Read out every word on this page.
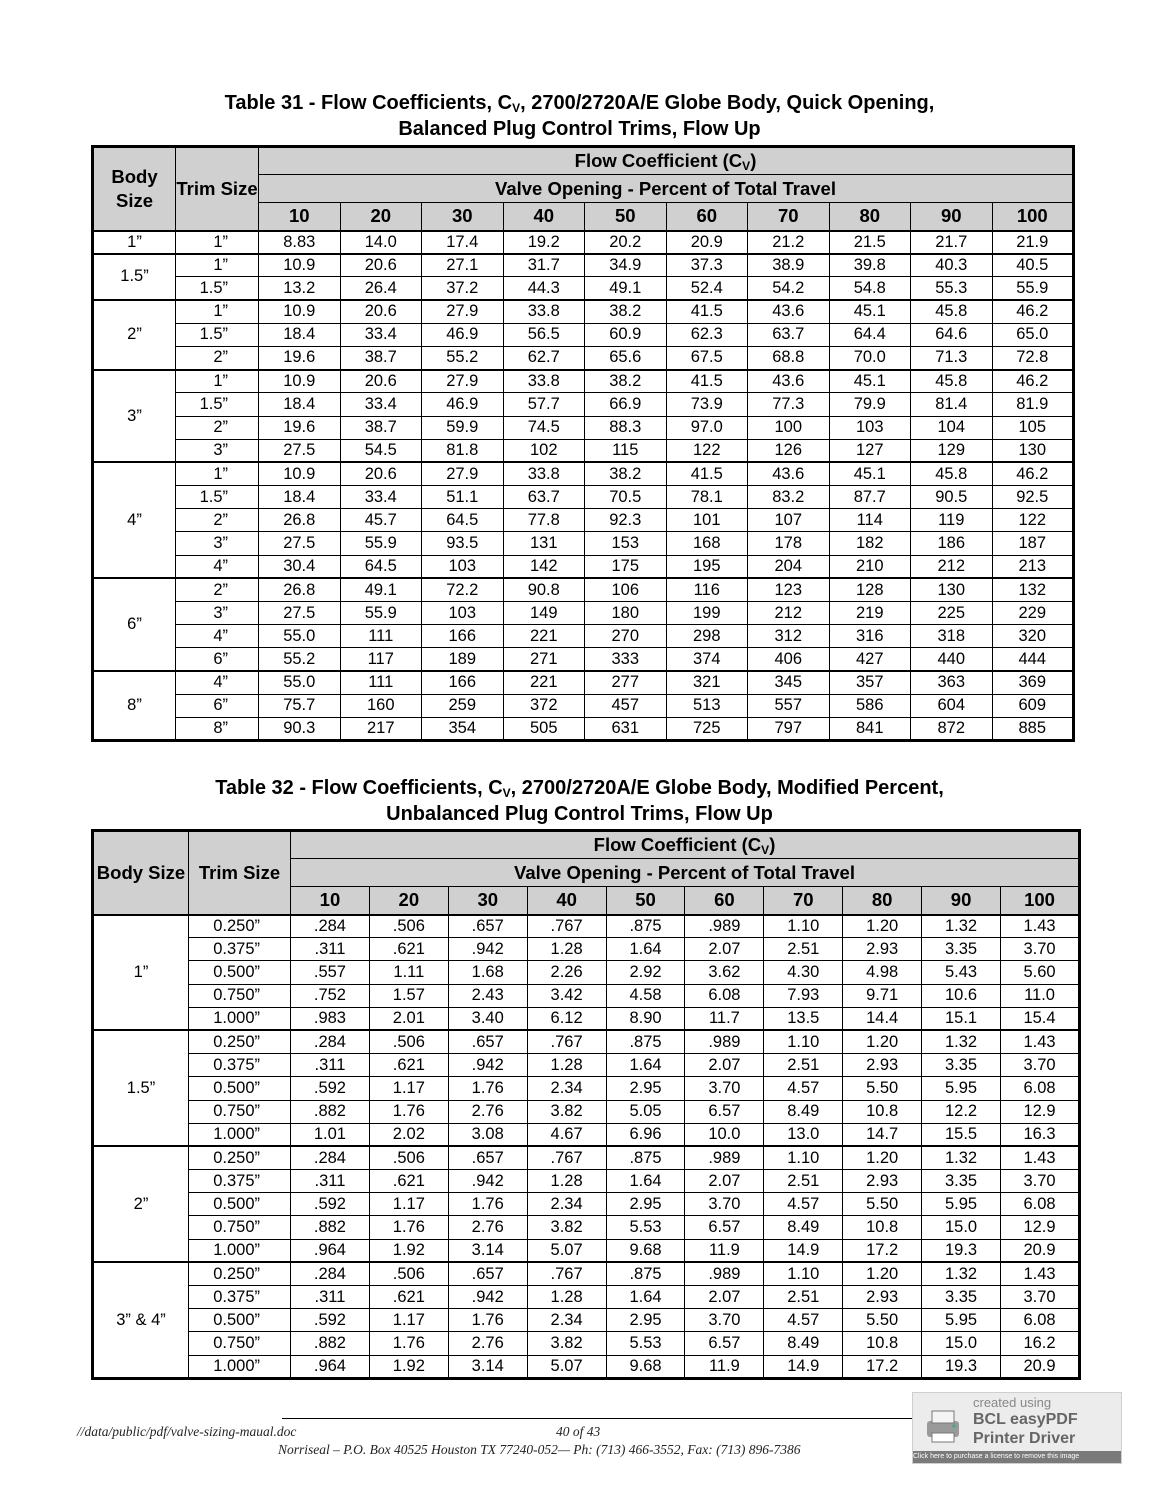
Table 31 - Flow Coefficients, $C_V$, 2700/2720A/E Globe Body, Quick Opening,
Balanced Plug Control Trims, Flow Up
Body Size	Trim Size	Flow Coefficient $(C_V)$									
		Valve Opening - Percent of Total Travel									
		10	20	30	40	50	60	70	80	90	100
1”	1”	8.83	14.0	17.4	19.2	20.2	20.9	21.2	21.5	21.7	21.9
1.5”	1”	10.9	20.6	27.1	31.7	34.9	37.3	38.9	39.8	40.3	40.5
	1.5”	13.2	26.4	37.2	44.3	49.1	52.4	54.2	54.8	55.3	55.9
2”	1”	10.9	20.6	27.9	33.8	38.2	41.5	43.6	45.1	45.8	46.2
	1.5”	18.4	33.4	46.9	56.5	60.9	62.3	63.7	64.4	64.6	65.0
	2”	19.6	38.7	55.2	62.7	65.6	67.5	68.8	70.0	71.3	72.8
3”	1”	10.9	20.6	27.9	33.8	38.2	41.5	43.6	45.1	45.8	46.2
	1.5”	18.4	33.4	46.9	57.7	66.9	73.9	77.3	79.9	81.4	81.9
	2”	19.6	38.7	59.9	74.5	88.3	97.0	100	103	104	105
	3”	27.5	54.5	81.8	102	115	122	126	127	129	130
4”	1”	10.9	20.6	27.9	33.8	38.2	41.5	43.6	45.1	45.8	46.2
	1.5”	18.4	33.4	51.1	63.7	70.5	78.1	83.2	87.7	90.5	92.5
	2”	26.8	45.7	64.5	77.8	92.3	101	107	114	119	122
	3”	27.5	55.9	93.5	131	153	168	178	182	186	187
	4”	30.4	64.5	103	142	175	195	204	210	212	213
6”	2”	26.8	49.1	72.2	90.8	106	116	123	128	130	132
	3”	27.5	55.9	103	149	180	199	212	219	225	229
	4”	55.0	111	166	221	270	298	312	316	318	320
	6”	55.2	117	189	271	333	374	406	427	440	444
8”	4”	55.0	111	166	221	277	321	345	357	363	369
	6”	75.7	160	259	372	457	513	557	586	604	609
	8”	90.3	217	354	505	631	725	797	841	872	885
Table 32 - Flow Coefficients, $C_V$, 2700/2720A/E Globe Body, Modified Percent,
Unbalanced Plug Control Trims, Flow Up
Body Size	Trim Size	Flow Coefficient $(C_V)$									
		Valve Opening - Percent of Total Travel									
		10	20	30	40	50	60	70	80	90	100
1”	0.250”	.284	.506	.657	.767	.875	.989	1.10	1.20	1.32	1.43
	0.375”	.311	.621	.942	1.28	1.64	2.07	2.51	2.93	3.35	3.70
	0.500”	.557	1.11	1.68	2.26	2.92	3.62	4.30	4.98	5.43	5.60
	0.750”	.752	1.57	2.43	3.42	4.58	6.08	7.93	9.71	10.6	11.0
	1.000”	.983	2.01	3.40	6.12	8.90	11.7	13.5	14.4	15.1	15.4
1.5”	0.250”	.284	.506	.657	.767	.875	.989	1.10	1.20	1.32	1.43
	0.375”	.311	.621	.942	1.28	1.64	2.07	2.51	2.93	3.35	3.70
	0.500”	.592	1.17	1.76	2.34	2.95	3.70	4.57	5.50	5.95	6.08
	0.750”	.882	1.76	2.76	3.82	5.05	6.57	8.49	10.8	12.2	12.9
	1.000”	1.01	2.02	3.08	4.67	6.96	10.0	13.0	14.7	15.5	16.3
2”	0.250”	.284	.506	.657	.767	.875	.989	1.10	1.20	1.32	1.43
	0.375”	.311	.621	.942	1.28	1.64	2.07	2.51	2.93	3.35	3.70
	0.500”	.592	1.17	1.76	2.34	2.95	3.70	4.57	5.50	5.95	6.08
	0.750”	.882	1.76	2.76	3.82	5.53	6.57	8.49	10.8	15.0	12.9
	1.000”	.964	1.92	3.14	5.07	9.68	11.9	14.9	17.2	19.3	20.9
3” & 4”	0.250”	.284	.506	.657	.767	.875	.989	1.10	1.20	1.32	1.43
	0.375”	.311	.621	.942	1.28	1.64	2.07	2.51	2.93	3.35	3.70
	0.500”	.592	1.17	1.76	2.34	2.95	3.70	4.57	5.50	5.95	6.08
	0.750”	.882	1.76	2.76	3.82	5.53	6.57	8.49	10.8	15.0	16.2
	1.000”	.964	1.92	3.14	5.07	9.68	11.9	14.9	17.2	19.3	20.9
//data/public/pdf/valve-sizing-maual.doc	40 of 43
Norriseal – P.O. Box 40525 Houston TX 77240-052— Ph: (713) 466-3552, Fax: (713) 896-7386
created using
BCL easyPDF
Printer Driver
Click here to purchase a license to remove this image
